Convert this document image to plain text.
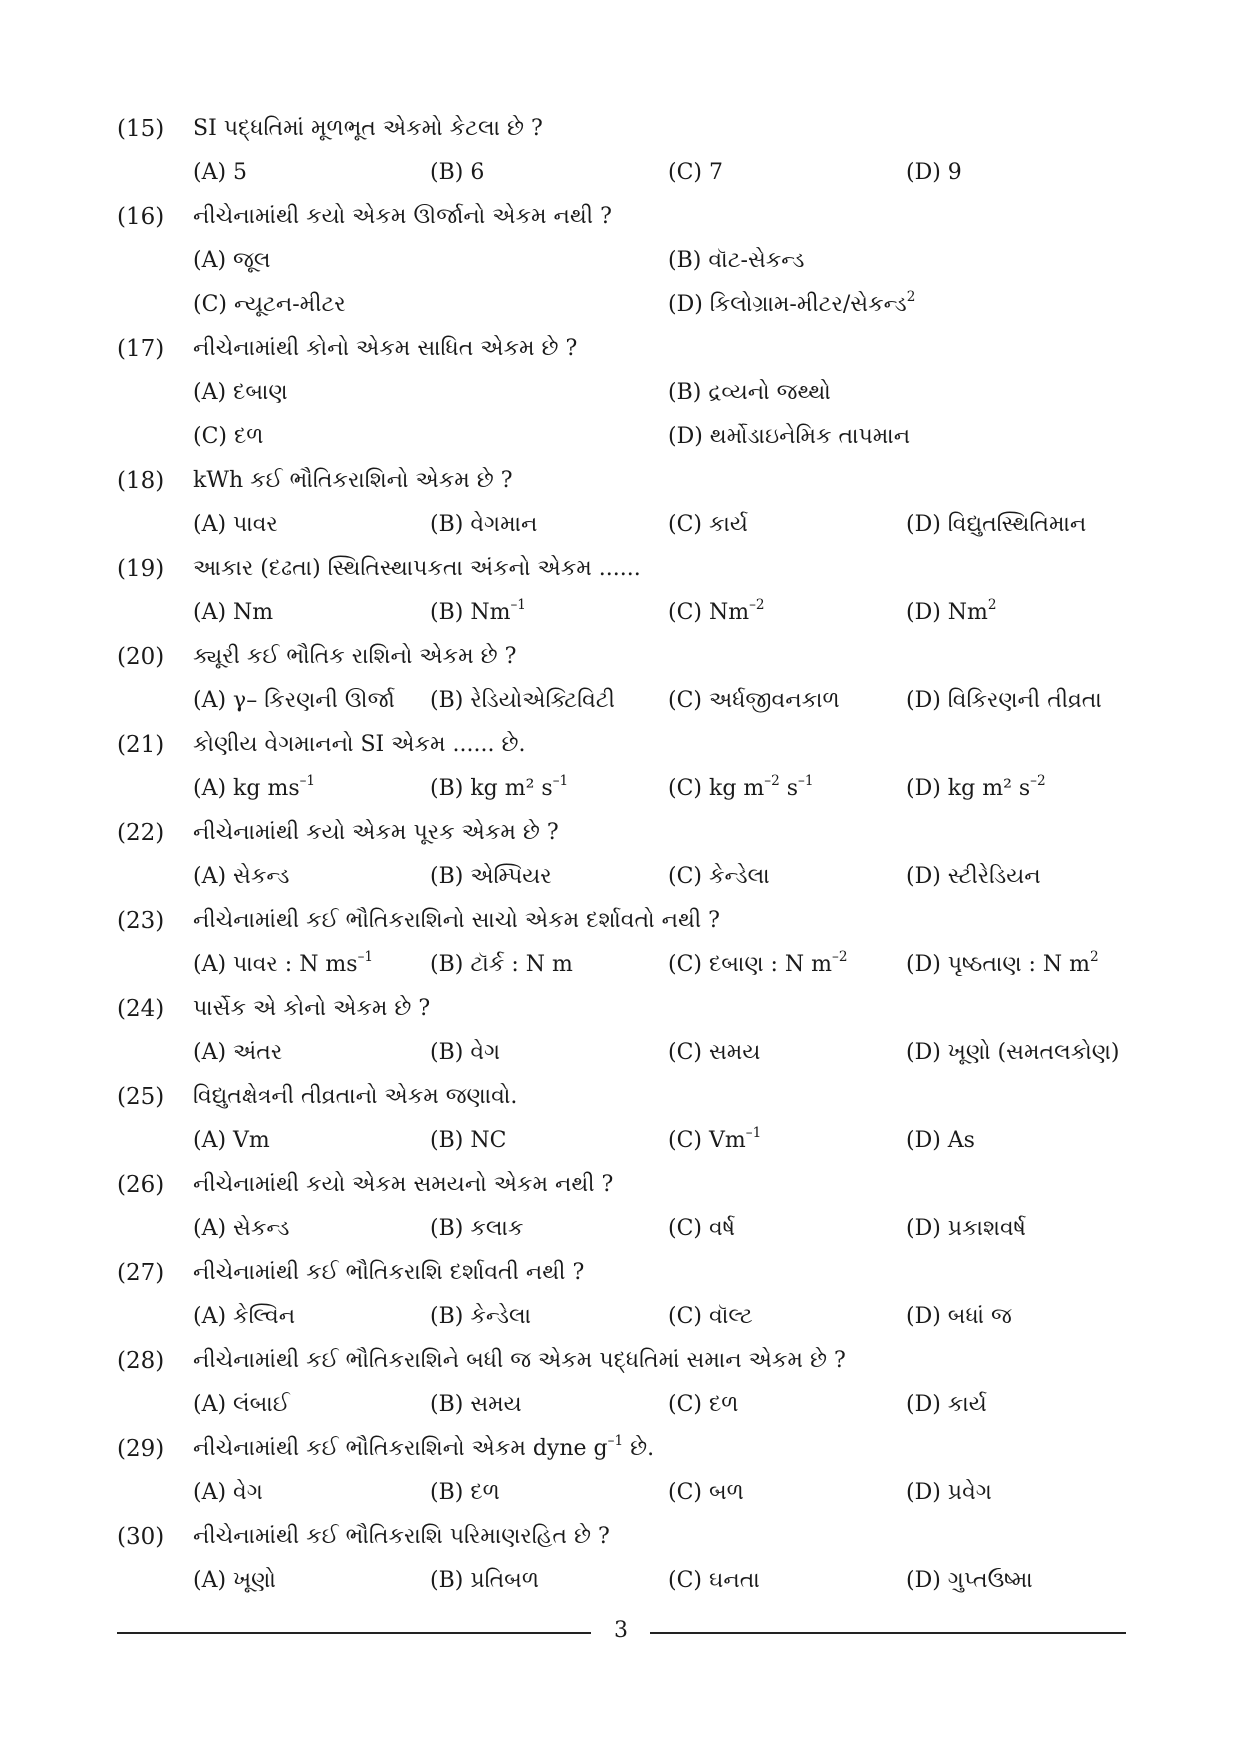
(15) SI પદ્ધતિમાં મૂળભૂત એકમો કેટલા છે ?
(A) 5	(B) 6	(C) 7	(D) 9
(16) નીચેનામાંથી કયો એકમ ઊર્જાનો એકમ નથી ?
(A) જૂલ	(B) વૉટ-સેકન્ડ
(C) ન્યૂટન-મીટર	(D) કિલોગ્રામ-મીટર/સેકન્ડ$^2$
(17) નીચેનામાંથી કોનો એકમ સાધિત એકમ છે ?
(A) દબાણ	(B) દ્રવ્યનો જથ્થો
(C) દળ	(D) થર્મોડાઇનેમિક તાપમાન
(18) kWh કઈ ભૌતિકરાશિનો એકમ છે ?
(A) પાવર	(B) વેગમાન	(C) કાર્ય	(D) વિદ્યુતસ્થિતિમાન
(19) આકાર (દઢતા) સ્થિતિસ્થાપકતા અંકનો એકમ ......
(A) Nm	(B) $Nm^{-1}$	(C) $Nm^{-2}$	(D) Nm$^2$
(20) ક્યૂરી કઈ ભૌતિક રાશિનો એકમ છે ?
(A) γ– કિરણની ઊર્જા (B) રેડિયોએક્ટિવિટી (C) અર્ધજીવનકાળ	(D) વિકિરણની તીવ્રતા
(21) કોણીય વેગમાનનો SI એકમ ...... છે.
(A) kg $ms^{-1}$	(B) kg m² $s^{-1}$	(C) kg $m^{-2}$ $s^{-1}$	(D) kg m² $s^{-2}$
(22) નીચેનામાંથી કયો એકમ પૂરક એકમ છે ?
(A) સેકન્ડ	(B) એમ્પિયર	(C) કેન્ડેલા	(D) સ્ટીરેડિયન
(23) નીચેનામાંથી કઈ ભૌતિકરાશિનો સાચો એકમ દર્શાવતો નથી ?
(A) પાવર : N $ms^{-1}$	(B) ટૉર્ક : N m	(C) દબાણ : N $m^{-2}$	(D) પૃષ્ઠતાણ : N $m^2$
(24) પાર્સેક એ કોનો એકમ છે ?
(A) અંતર	(B) વેગ	(C) સમય	(D) ખૂણો (સમતલકોણ)
(25) વિદ્યુતક્ષેત્રની તીવ્રતાનો એકમ જણાવો.
(A) Vm	(B) NC	(C) $Vm^{-1}$	(D) As
(26) નીચેનામાંથી કયો એકમ સમયનો એકમ નથી ?
(A) સેકન્ડ	(B) કલાક	(C) વર્ષ	(D) પ્રકાશવર્ષ
(27) નીચેનામાંથી કઈ ભૌતિકરાશિ દર્શાવતી નથી ?
(A) કેલ્વિન	(B) કેન્ડેલા	(C) વૉલ્ટ	(D) બધાં જ
(28) નીચેનામાંથી કઈ ભૌતિકરાશિને બધી જ એકમ પદ્ધતિમાં સમાન એકમ છે ?
(A) લંબાઈ	(B) સમય	(C) દળ	(D) કાર્ય
(29) નીચેનામાંથી કઈ ભૌતિકરાશિનો એકમ dyne $g^{-1}$ છે.
(A) વેગ	(B) દળ	(C) બળ	(D) પ્રવેગ
(30) નીચેનામાંથી કઈ ભૌતિકરાશિ પરિમાણરહિત છે ?
(A) ખૂણો	(B) પ્રતિબળ	(C) ઘનતા	(D) ગુપ્તઉષ્મા
3
